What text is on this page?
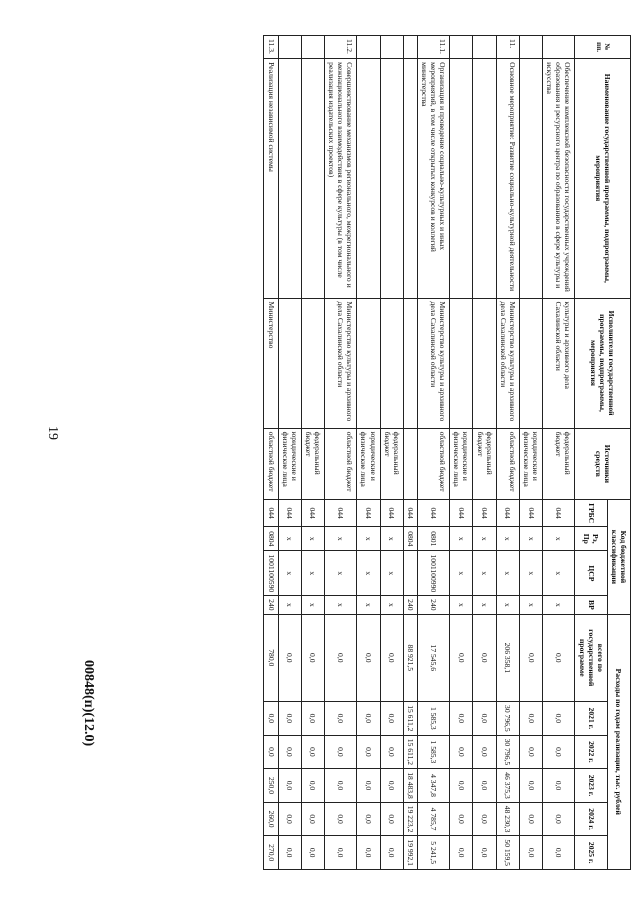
19
00848(п)(12.0)
№ пп.	Наименование государственной программы, подпрограммы, мероприятия	Исполнители государственной программы, подпрограммы, мероприятия	Источники средств	Код бюджетной классификации				Расходы по годам реализации, тыс. рублей					
				ГРБС	Рз, Пр	ЦСР	ВР	всего по государственной программе	2021 г.	2022 г.	2023 г.	2024 г.	2025 г.
	Обеспечение комплексной безопасности государственных учреждений образования и ресурсного центра по образованию в сфере культуры и искусства	культуры и архивного дела Сахалинской области	федеральный бюджет	044	х	х	х	0,0	0,0	0,0	0,0	0,0	0,0
			юридические и физические лица	044	х	х	х	0,0	0,0	0,0	0,0	0,0	0,0
11.	Основное мероприятие: Развитие социально-культурной деятельности	Министерство культуры и архивного дела Сахалинской области	областной бюджет	044	х	х	х	206 358,1	30 796,5	30 796,5	46 375,3	48 230,3	50 159,5
			федеральный бюджет	044	х	х	х	0,0	0,0	0,0	0,0	0,0	0,0
			юридические и физические лица	044	х	х	х	0,0	0,0	0,0	0,0	0,0	0,0
11.1.	Организация и проведение социально-культурных и иных мероприятий, в том числе открытых конкурсов и коллегий министерства	Министерство культуры и архивного дела Сахалинской области	областной бюджет	044	0801	1001100990	240	17 545,6	1 585,3	1 585,3	4 347,8	4 785,7	5 241,5
				044	0804		240	88 921,5	15 611,2	15 611,2	18 483,8	19 223,2	19 992,1
			федеральный бюджет	044	х	х	х	0,0	0,0	0,0	0,0	0,0	0,0
			юридические и физические лица	044	х	х	х	0,0	0,0	0,0	0,0	0,0	0,0
11.2.	Совершенствование механизмов регионального, межрегионального и межнационального взаимодействия в сфере культуры (в том числе реализация издательских проектов)	Министерство культуры и архивного дела Сахалинской области	областной бюджет	044	х	х	х	0,0	0,0	0,0	0,0	0,0	0,0
			федеральный бюджет	044	х	х	х	0,0	0,0	0,0	0,0	0,0	0,0
			юридические и физические лица	044	х	х	х	0,0	0,0	0,0	0,0	0,0	0,0
11.3.	Реализация независимой системы	Министерство	областной бюджет	044	0804	1001100590	240	780,0	0,0	0,0	250,0	260,0	270,0
